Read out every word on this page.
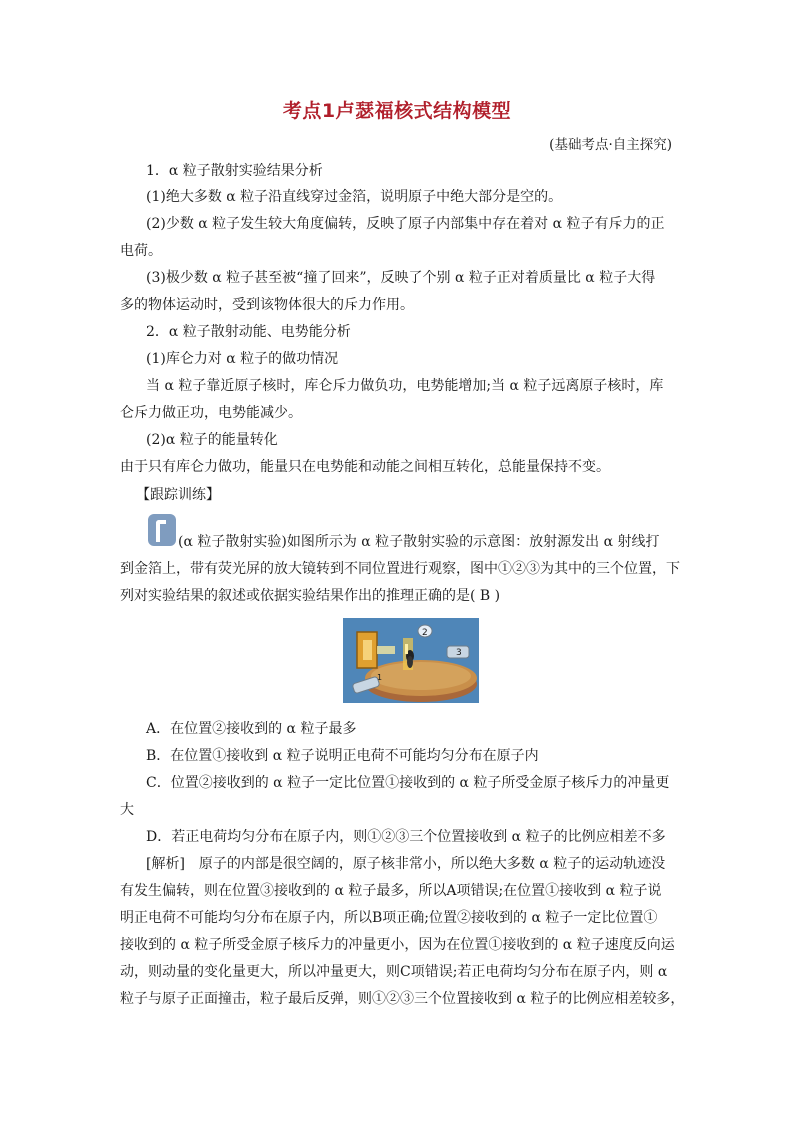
考点1卢瑟福核式结构模型
(基础考点·自主探究)
1．α 粒子散射实验结果分析
(1)绝大多数 α 粒子沿直线穿过金箔，说明原子中绝大部分是空的。
(2)少数 α 粒子发生较大角度偏转，反映了原子内部集中存在着对 α 粒子有斥力的正
电荷。
(3)极少数 α 粒子甚至被“撞了回来”，反映了个别 α 粒子正对着质量比 α 粒子大得
多的物体运动时，受到该物体很大的斥力作用。
2．α 粒子散射动能、电势能分析
(1)库仑力对 α 粒子的做功情况
当 α 粒子靠近原子核时，库仑斥力做负功，电势能增加;当 α 粒子远离原子核时，库
仑斥力做正功，电势能减少。
(2)α 粒子的能量转化
由于只有库仑力做功，能量只在电势能和动能之间相互转化，总能量保持不变。
【跟踪训练】
(α 粒子散射实验)如图所示为 α 粒子散射实验的示意图：放射源发出 α 射线打
到金箔上，带有荧光屏的放大镜转到不同位置进行观察，图中①②③为其中的三个位置，下
列对实验结果的叙述或依据实验结果作出的推理正确的是( B )
2
3
1
A．在位置②接收到的 α 粒子最多
B．在位置①接收到 α 粒子说明正电荷不可能均匀分布在原子内
C．位置②接收到的 α 粒子一定比位置①接收到的 α 粒子所受金原子核斥力的冲量更
大
D．若正电荷均匀分布在原子内，则①②③三个位置接收到 α 粒子的比例应相差不多
[解析]　原子的内部是很空阔的，原子核非常小，所以绝大多数 α 粒子的运动轨迹没
有发生偏转，则在位置③接收到的 α 粒子最多，所以A项错误;在位置①接收到 α 粒子说
明正电荷不可能均匀分布在原子内，所以B项正确;位置②接收到的 α 粒子一定比位置①
接收到的 α 粒子所受金原子核斥力的冲量更小，因为在位置①接收到的 α 粒子速度反向运
动，则动量的变化量更大，所以冲量更大，则C项错误;若正电荷均匀分布在原子内，则 α
粒子与原子正面撞击，粒子最后反弹，则①②③三个位置接收到 α 粒子的比例应相差较多，
